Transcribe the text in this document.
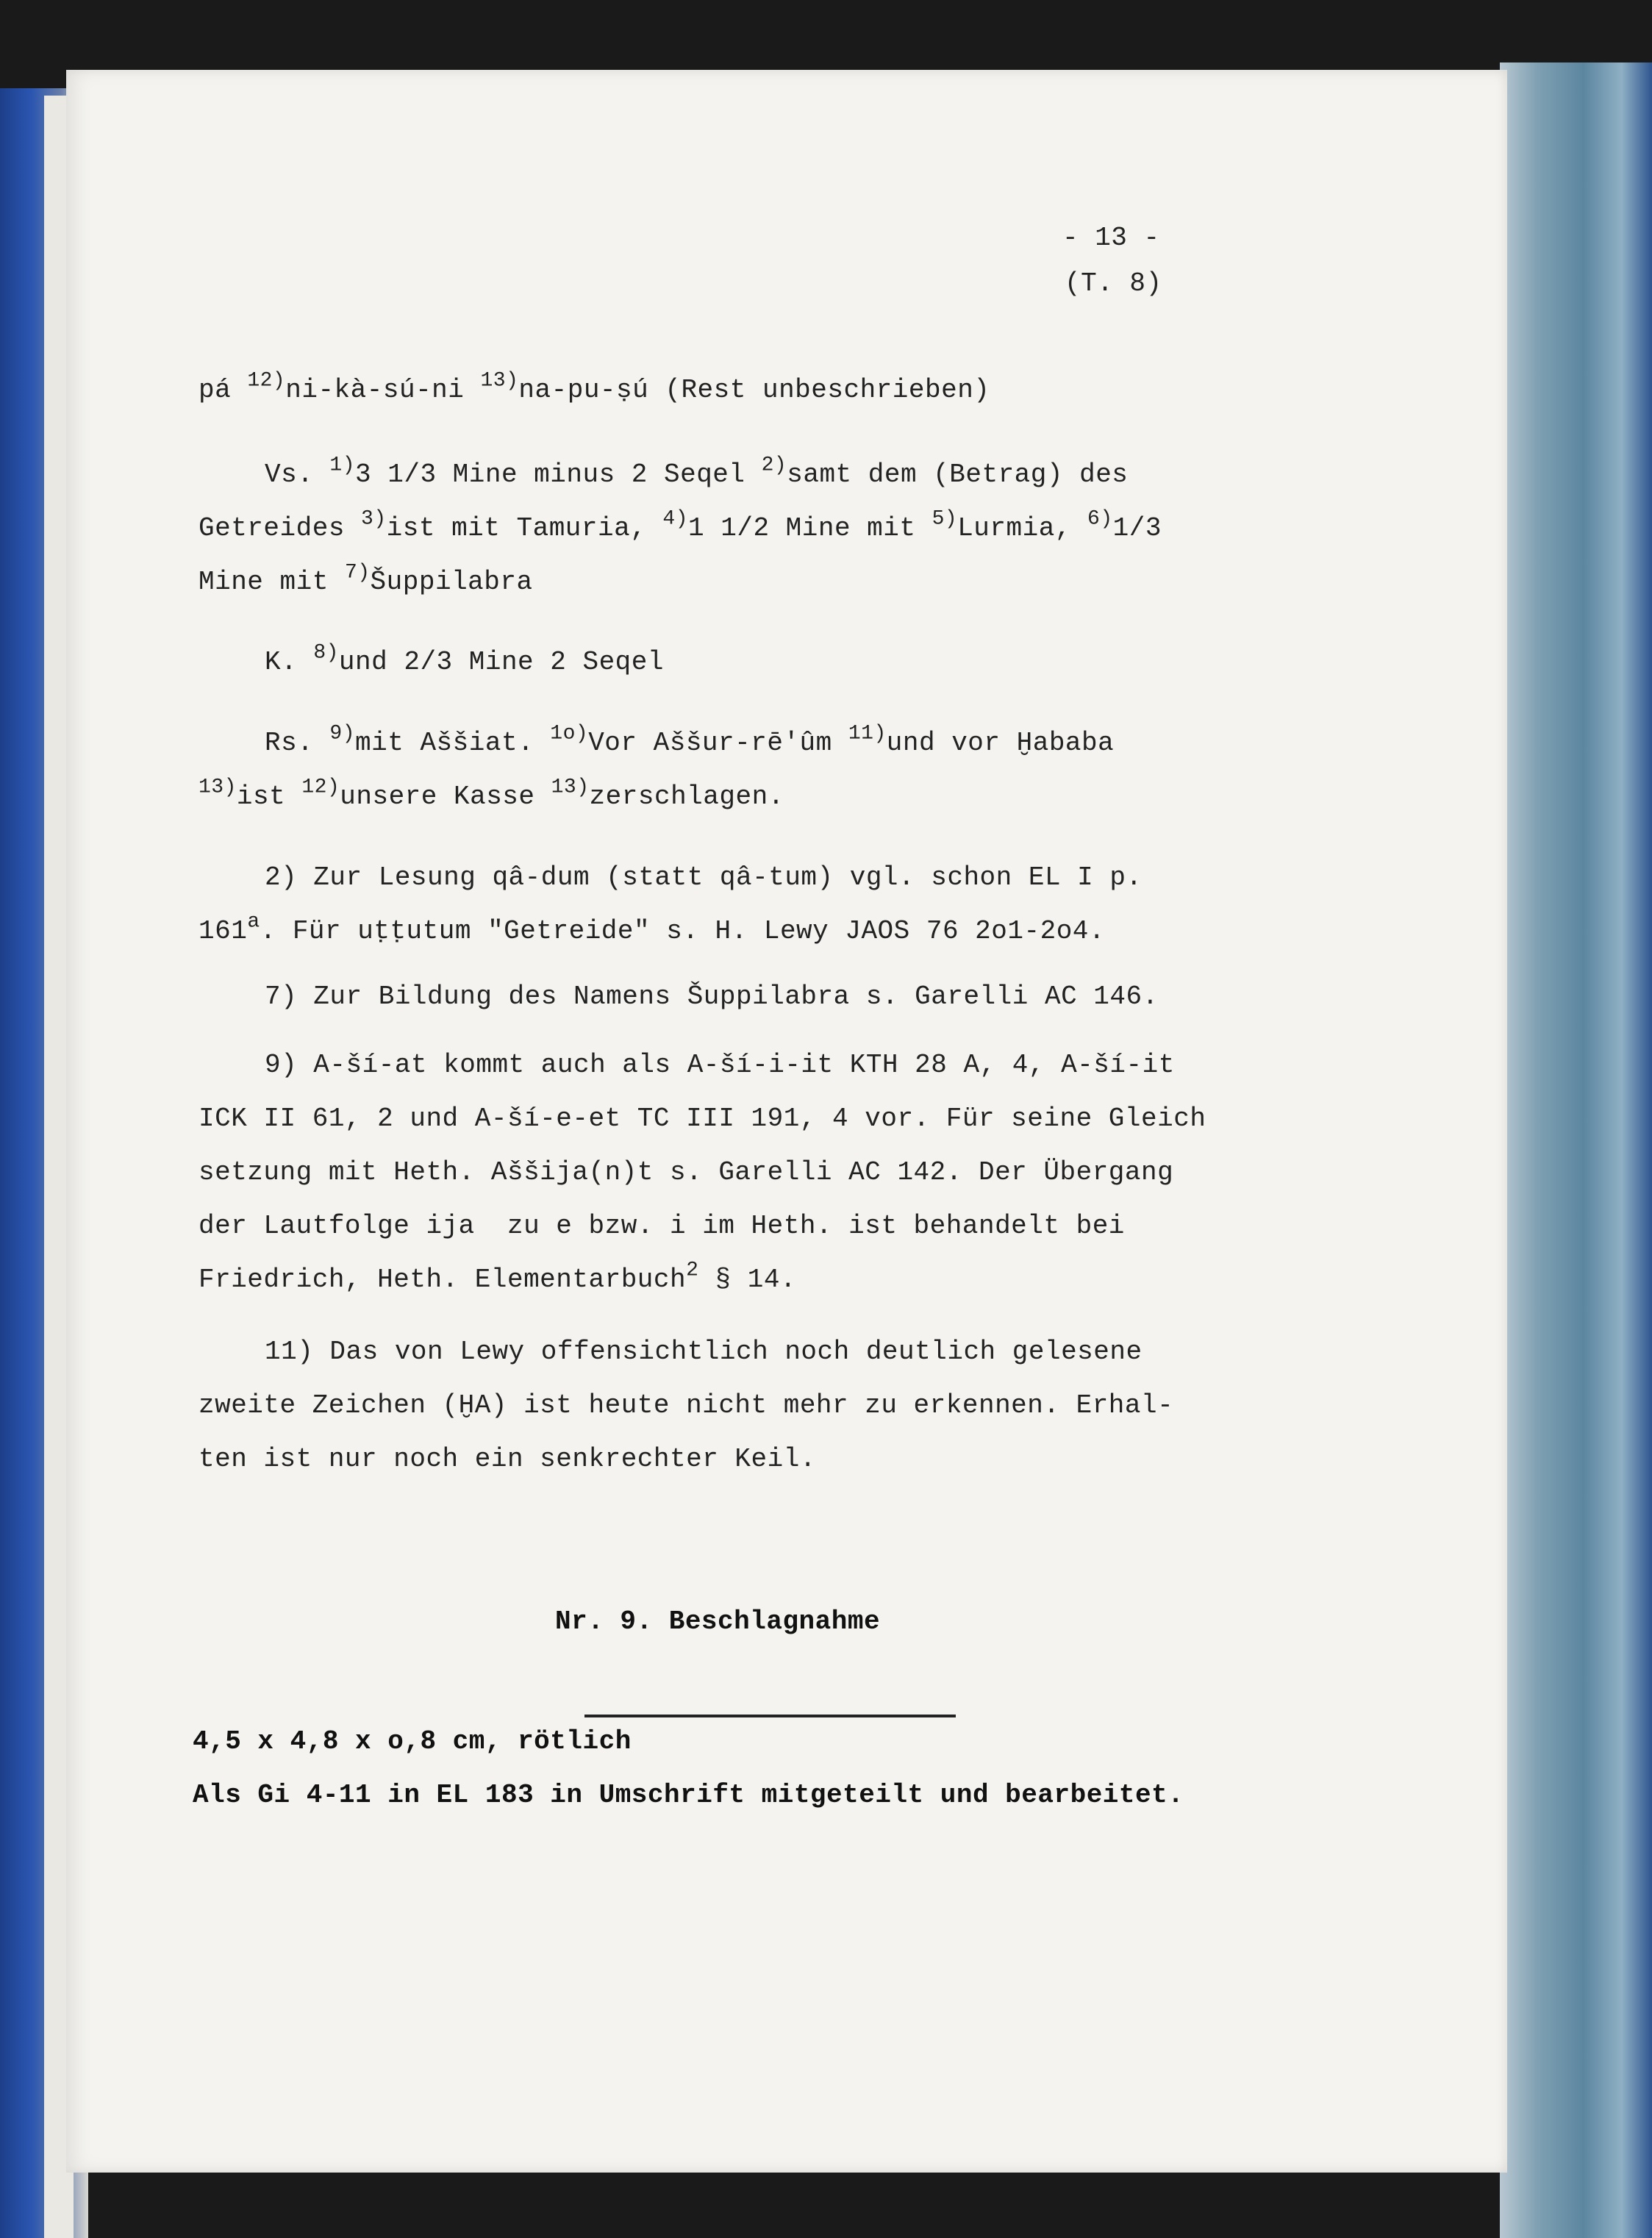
- 13 -
(T. 8)
pá $^{12)}$ni-kà-sú-ni $^{13)}$na-pu-ṣú (Rest unbeschrieben)
Vs. $^{1)}$3 1/3 Mine minus 2 Seqel $^{2)}$samt dem (Betrag) des
Getreides $^{3)}$ist mit Tamuria, $^{4)}$1 1/2 Mine mit $^{5)}$Lurmia, $^{6)}$1/3
Mine mit $^{7)}$Šuppilabra
K. $^{8)}$und 2/3 Mine 2 Seqel
Rs. $^{9)}$mit Aššiat. $^{1o)}$Vor Aššur-rē'ûm $^{11)}$und vor Ḫababa
$^{13)}$ist $^{12)}$unsere Kasse $^{13)}$zerschlagen.
2) Zur Lesung qâ-dum (statt qâ-tum) vgl. schon EL I p.
161$^a$. Für uṭṭutum "Getreide" s. H. Lewy JAOS 76 2o1-2o4.
7) Zur Bildung des Namens Šuppilabra s. Garelli AC 146.
9) A-ší-at kommt auch als A-ší-i-it KTH 28 A, 4, A-ší-it
ICK II 61, 2 und A-ší-e-et TC III 191, 4 vor. Für seine Gleich
setzung mit Heth. Aššija(n)t s. Garelli AC 142. Der Übergang
der Lautfolge ija  zu e bzw. i im Heth. ist behandelt bei
Friedrich, Heth. Elementarbuch$^2$ § 14.
11) Das von Lewy offensichtlich noch deutlich gelesene
zweite Zeichen (ḪA) ist heute nicht mehr zu erkennen. Erhal-
ten ist nur noch ein senkrechter Keil.
Nr. 9. Beschlagnahme
4,5 x 4,8 x o,8 cm, rötlich
Als Gi 4-11 in EL 183 in Umschrift mitgeteilt und bearbeitet.
